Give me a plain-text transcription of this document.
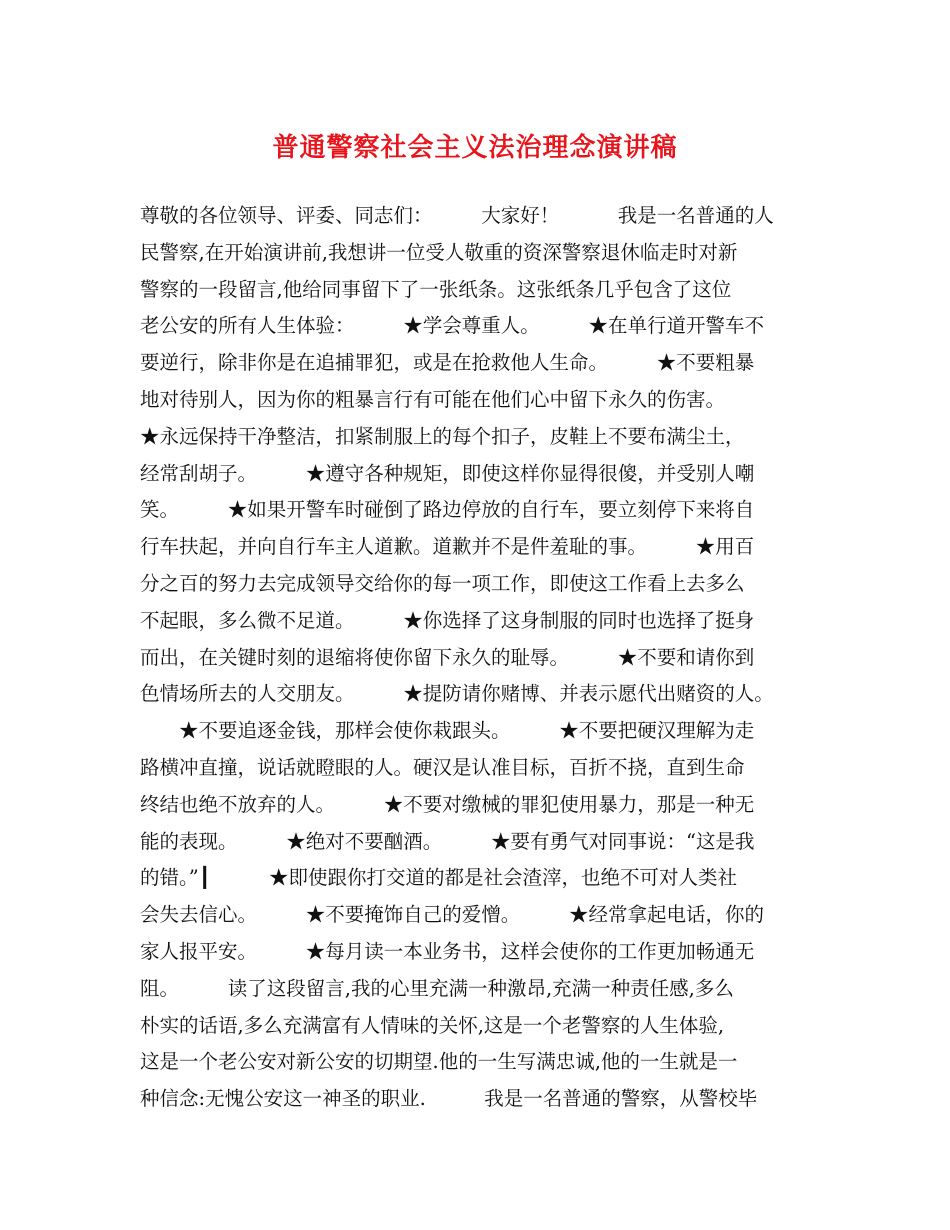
普通警察社会主义法治理念演讲稿
尊敬的各位领导、评委、同志们：　　　大家好！　　　我是一名普通的人
民警察,在开始演讲前,我想讲一位受人敬重的资深警察退休临走时对新
警察的一段留言,他给同事留下了一张纸条。这张纸条几乎包含了这位
老公安的所有人生体验：　　　★学会尊重人。　　　★在单行道开警车不
要逆行，除非你是在追捕罪犯，或是在抢救他人生命。　　　★不要粗暴
地对待别人，因为你的粗暴言行有可能在他们心中留下永久的伤害。
★永远保持干净整洁，扣紧制服上的每个扣子，皮鞋上不要布满尘土，
经常刮胡子。　　　★遵守各种规矩，即使这样你显得很傻，并受别人嘲
笑。　　　★如果开警车时碰倒了路边停放的自行车，要立刻停下来将自
行车扶起，并向自行车主人道歉。道歉并不是件羞耻的事。　　　★用百
分之百的努力去完成领导交给你的每一项工作，即使这工作看上去多么
不起眼，多么微不足道。　　　★你选择了这身制服的同时也选择了挺身
而出，在关键时刻的退缩将使你留下永久的耻辱。　　　★不要和请你到
色情场所去的人交朋友。　　　★提防请你赌博、并表示愿代出赌资的人。
　　★不要追逐金钱，那样会使你栽跟头。　　　★不要把硬汉理解为走
路横冲直撞，说话就瞪眼的人。硬汉是认准目标，百折不挠，直到生命
终结也绝不放弃的人。　　　★不要对缴械的罪犯使用暴力，那是一种无
能的表现。　　　★绝对不要酗酒。　　　★要有勇气对同事说：“这是我
的错。”┃　　　★即使跟你打交道的都是社会渣滓，也绝不可对人类社
会失去信心。　　　★不要掩饰自己的爱憎。　　　★经常拿起电话，你的
家人报平安。　　　★每月读一本业务书，这样会使你的工作更加畅通无
阻。　　　读了这段留言,我的心里充满一种激昂,充满一种责任感,多么
朴实的话语,多么充满富有人情味的关怀,这是一个老警察的人生体验,
这是一个老公安对新公安的切期望.他的一生写满忠诚,他的一生就是一
种信念:无愧公安这一神圣的职业.　　　我是一名普通的警察，从警校毕
